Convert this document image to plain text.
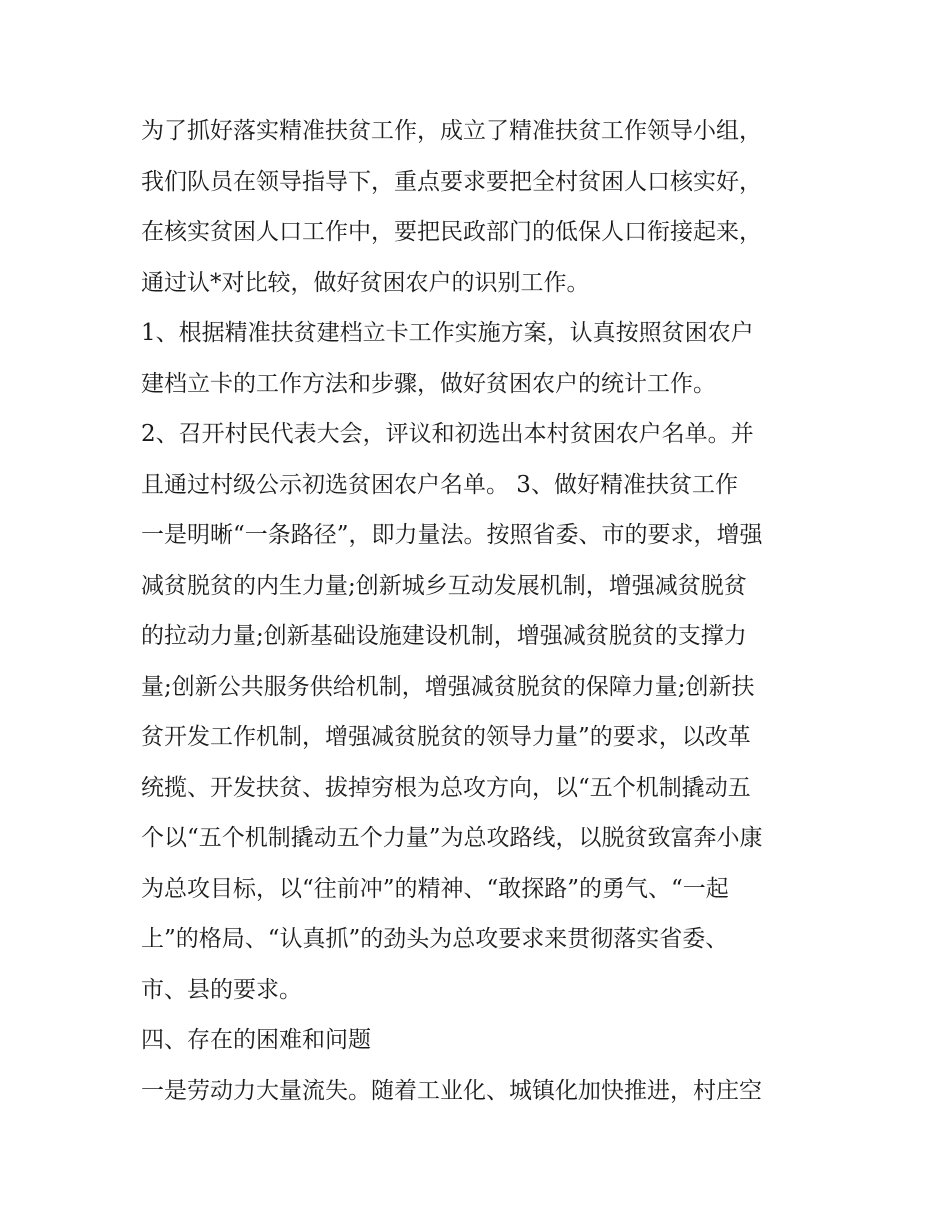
为了抓好落实精准扶贫工作，成立了精准扶贫工作领导小组，
我们队员在领导指导下，重点要求要把全村贫困人口核实好，
在核实贫困人口工作中，要把民政部门的低保人口衔接起来，
通过认*对比较，做好贫困农户的识别工作。
1、根据精准扶贫建档立卡工作实施方案，认真按照贫困农户
建档立卡的工作方法和步骤，做好贫困农户的统计工作。
2、召开村民代表大会，评议和初选出本村贫困农户名单。并
且通过村级公示初选贫困农户名单。 3、做好精准扶贫工作
一是明晰“一条路径”，即力量法。按照省委、市的要求，增强
减贫脱贫的内生力量;创新城乡互动发展机制，增强减贫脱贫
的拉动力量;创新基础设施建设机制，增强减贫脱贫的支撑力
量;创新公共服务供给机制，增强减贫脱贫的保障力量;创新扶
贫开发工作机制，增强减贫脱贫的领导力量”的要求，以改革
统揽、开发扶贫、拔掉穷根为总攻方向，以“五个机制撬动五
个以“五个机制撬动五个力量”为总攻路线，以脱贫致富奔小康
为总攻目标，以“往前冲”的精神、“敢探路”的勇气、“一起
上”的格局、“认真抓”的劲头为总攻要求来贯彻落实省委、
市、县的要求。
四、存在的困难和问题
一是劳动力大量流失。随着工业化、城镇化加快推进，村庄空
